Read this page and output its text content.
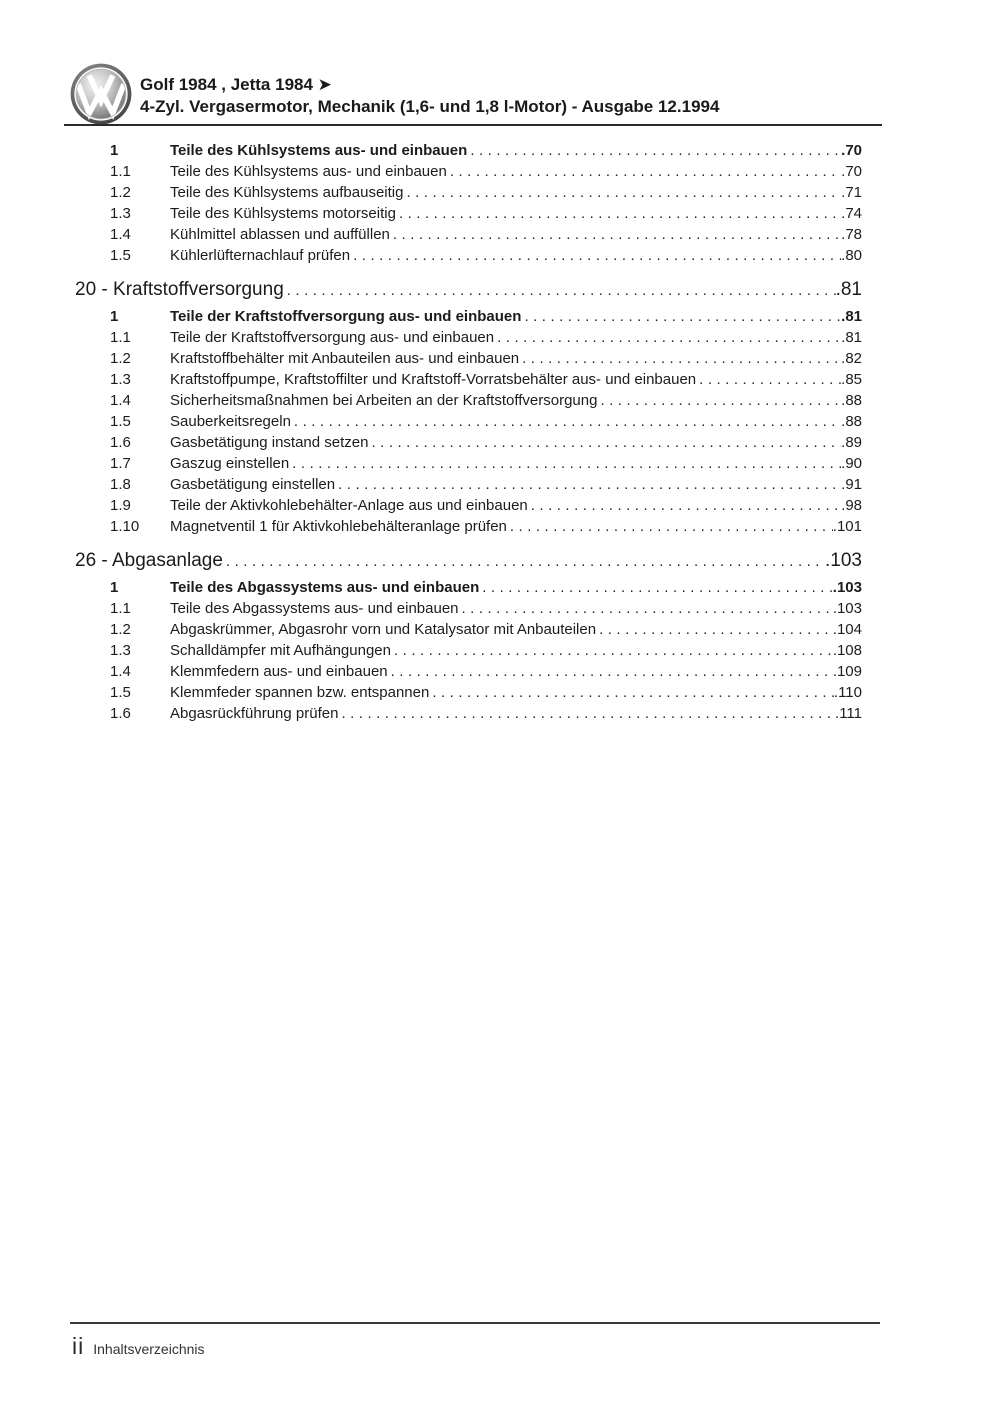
Golf 1984 , Jetta 1984 ➤
4-Zyl. Vergasermotor, Mechanik (1,6- und 1,8 l-Motor) - Ausgabe 12.1994
1	Teile des Kühlsystems aus- und einbauen .....	. 70
1.1	Teile des Kühlsystems aus- und einbauen .....	. 70
1.2	Teile des Kühlsystems aufbauseitig .....	. 71
1.3	Teile des Kühlsystems motorseitig .....	. 74
1.4	Kühlmittel ablassen und auffüllen .....	. 78
1.5	Kühlerlüfternachlauf prüfen .....	. 80
20 - Kraftstoffversorgung .....	. 81
1	Teile der Kraftstoffversorgung aus- und einbauen .....	. 81
1.1	Teile der Kraftstoffversorgung aus- und einbauen .....	. 81
1.2	Kraftstoffbehälter mit Anbauteilen aus- und einbauen .....	. 82
1.3	Kraftstoffpumpe, Kraftstoffilter und Kraftstoff-Vorratsbehälter aus- und einbauen .....	. 85
1.4	Sicherheitsmaßnahmen bei Arbeiten an der Kraftstoffversorgung .....	. 88
1.5	Sauberkeitsregeln .....	. 88
1.6	Gasbetätigung instand setzen .....	. 89
1.7	Gaszug einstellen .....	. 90
1.8	Gasbetätigung einstellen .....	. 91
1.9	Teile der Aktivkohlebehälter-Anlage aus und einbauen .....	. 98
1.10	Magnetventil 1 für Aktivkohlebehälteranlage prüfen .....	. 101
26 - Abgasanlage .....	. 103
1	Teile des Abgassystems aus- und einbauen .....	. 103
1.1	Teile des Abgassystems aus- und einbauen .....	. 103
1.2	Abgaskrümmer, Abgasrohr vorn und Katalysator mit Anbauteilen .....	. 104
1.3	Schalldämpfer mit Aufhängungen .....	. 108
1.4	Klemmfedern aus- und einbauen .....	. 109
1.5	Klemmfeder spannen bzw. entspannen .....	. 110
1.6	Abgasrückführung prüfen .....	. 111
ii Inhaltsverzeichnis
